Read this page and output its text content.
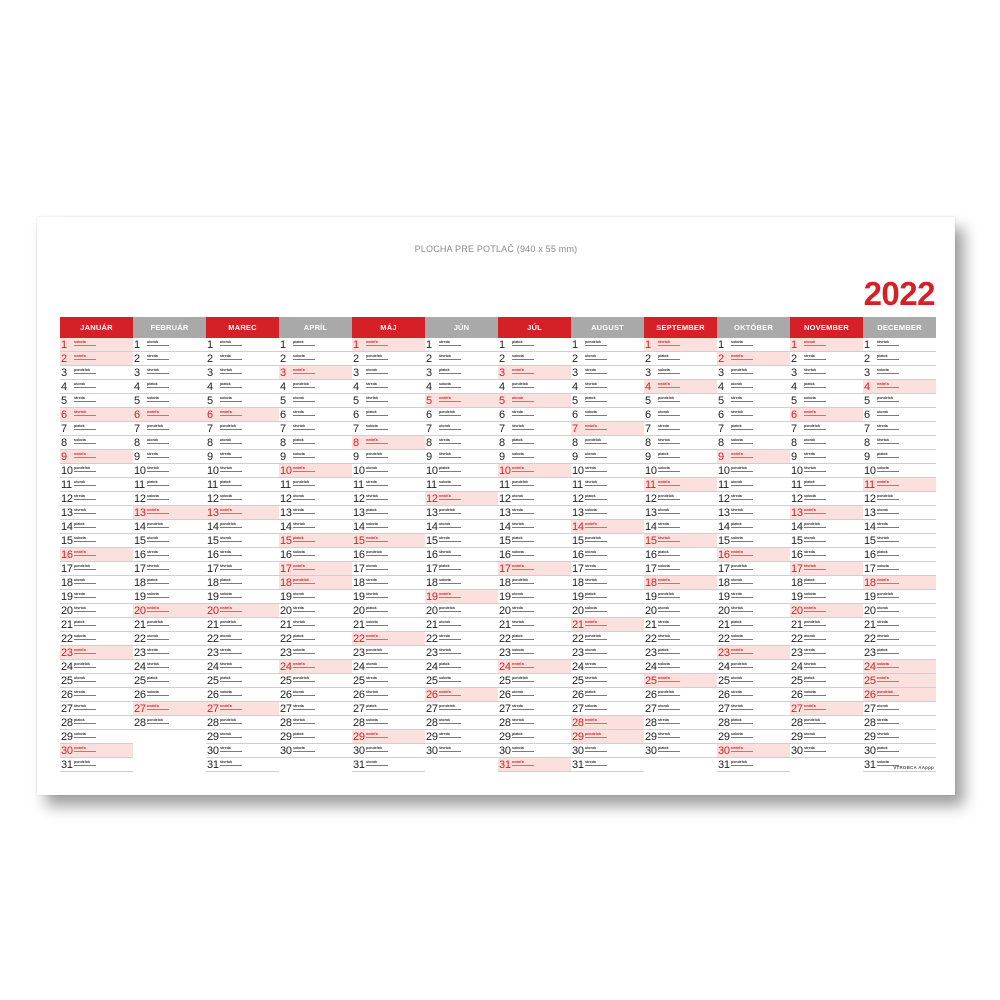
PLOCHA PRE POTLAČ (940 x 55 mm)
2022
JANUÁR
1 sobota
2 nedeľa
3 pondelok
4 utorok
5 streda
6 štvrtok
7 piatok
8 sobota
9 nedeľa
10 pondelok
11 utorok
12 streda
13 štvrtok
14 piatok
15 sobota
16 nedeľa
17 pondelok
18 utorok
19 streda
20 štvrtok
21 piatok
22 sobota
23 nedeľa
24 pondelok
25 utorok
26 streda
27 štvrtok
28 piatok
29 sobota
30 nedeľa
31 pondelok
FEBRUÁR
1 utorok
2 streda
3 štvrtok
4 piatok
5 sobota
6 nedeľa
7 pondelok
8 utorok
9 streda
10 štvrtok
11 piatok
12 sobota
13 nedeľa
14 pondelok
15 utorok
16 streda
17 štvrtok
18 piatok
19 sobota
20 nedeľa
21 pondelok
22 utorok
23 streda
24 štvrtok
25 piatok
26 sobota
27 nedeľa
28 pondelok
MAREC
1 utorok
2 streda
3 štvrtok
4 piatok
5 sobota
6 nedeľa
7 pondelok
8 utorok
9 streda
10 štvrtok
11 piatok
12 sobota
13 nedeľa
14 pondelok
15 utorok
16 streda
17 štvrtok
18 piatok
19 sobota
20 nedeľa
21 pondelok
22 utorok
23 streda
24 štvrtok
25 piatok
26 sobota
27 nedeľa
28 pondelok
29 utorok
30 streda
31 štvrtok
APRÍL
1 piatok
2 sobota
3 nedeľa
4 pondelok
5 utorok
6 streda
7 štvrtok
8 piatok
9 sobota
10 nedeľa
11 pondelok
12 utorok
13 streda
14 štvrtok
15 piatok
16 sobota
17 nedeľa
18 pondelok
19 utorok
20 streda
21 štvrtok
22 piatok
23 sobota
24 nedeľa
25 pondelok
26 utorok
27 streda
28 štvrtok
29 piatok
30 sobota
MÁJ
1 nedeľa
2 pondelok
3 utorok
4 streda
5 štvrtok
6 piatok
7 sobota
8 nedeľa
9 pondelok
10 utorok
11 streda
12 štvrtok
13 piatok
14 sobota
15 nedeľa
16 pondelok
17 utorok
18 streda
19 štvrtok
20 piatok
21 sobota
22 nedeľa
23 pondelok
24 utorok
25 streda
26 štvrtok
27 piatok
28 sobota
29 nedeľa
30 pondelok
31 utorok
JÚN
1 streda
2 štvrtok
3 piatok
4 sobota
5 nedeľa
6 pondelok
7 utorok
8 streda
9 štvrtok
10 piatok
11 sobota
12 nedeľa
13 pondelok
14 utorok
15 streda
16 štvrtok
17 piatok
18 sobota
19 nedeľa
20 pondelok
21 utorok
22 streda
23 štvrtok
24 piatok
25 sobota
26 nedeľa
27 pondelok
28 utorok
29 streda
30 štvrtok
JÚL
1 piatok
2 sobota
3 nedeľa
4 pondelok
5 utorok
6 streda
7 štvrtok
8 piatok
9 sobota
10 nedeľa
11 pondelok
12 utorok
13 streda
14 štvrtok
15 piatok
16 sobota
17 nedeľa
18 pondelok
19 utorok
20 streda
21 štvrtok
22 piatok
23 sobota
24 nedeľa
25 pondelok
26 utorok
27 streda
28 štvrtok
29 piatok
30 sobota
31 nedeľa
AUGUST
1 pondelok
2 utorok
3 streda
4 štvrtok
5 piatok
6 sobota
7 nedeľa
8 pondelok
9 utorok
10 streda
11 štvrtok
12 piatok
13 sobota
14 nedeľa
15 pondelok
16 utorok
17 streda
18 štvrtok
19 piatok
20 sobota
21 nedeľa
22 pondelok
23 utorok
24 streda
25 štvrtok
26 piatok
27 sobota
28 nedeľa
29 pondelok
30 utorok
31 streda
SEPTEMBER
1 štvrtok
2 piatok
3 sobota
4 nedeľa
5 pondelok
6 utorok
7 streda
8 štvrtok
9 piatok
10 sobota
11 nedeľa
12 pondelok
13 utorok
14 streda
15 štvrtok
16 piatok
17 sobota
18 nedeľa
19 pondelok
20 utorok
21 streda
22 štvrtok
23 piatok
24 sobota
25 nedeľa
26 pondelok
27 utorok
28 streda
29 štvrtok
30 piatok
OKTÓBER
1 sobota
2 nedeľa
3 pondelok
4 utorok
5 streda
6 štvrtok
7 piatok
8 sobota
9 nedeľa
10 pondelok
11 utorok
12 streda
13 štvrtok
14 piatok
15 sobota
16 nedeľa
17 pondelok
18 utorok
19 streda
20 štvrtok
21 piatok
22 sobota
23 nedeľa
24 pondelok
25 utorok
26 streda
27 štvrtok
28 piatok
29 sobota
30 nedeľa
31 pondelok
NOVEMBER
1 utorok
2 streda
3 štvrtok
4 piatok
5 sobota
6 nedeľa
7 pondelok
8 utorok
9 streda
10 štvrtok
11 piatok
12 sobota
13 nedeľa
14 pondelok
15 utorok
16 streda
17 štvrtok
18 piatok
19 sobota
20 nedeľa
21 pondelok
22 utorok
23 streda
24 štvrtok
25 piatok
26 sobota
27 nedeľa
28 pondelok
29 utorok
30 streda
DECEMBER
1 štvrtok
2 piatok
3 sobota
4 nedeľa
5 pondelok
6 utorok
7 streda
8 štvrtok
9 piatok
10 sobota
11 nedeľa
12 pondelok
13 utorok
14 streda
15 štvrtok
16 piatok
17 sobota
18 nedeľa
19 pondelok
20 utorok
21 streda
22 štvrtok
23 piatok
24 sobota
25 nedeľa
26 pondelok
27 utorok
28 streda
29 štvrtok
30 piatok
31 sobota
VTROBCA ААррр
